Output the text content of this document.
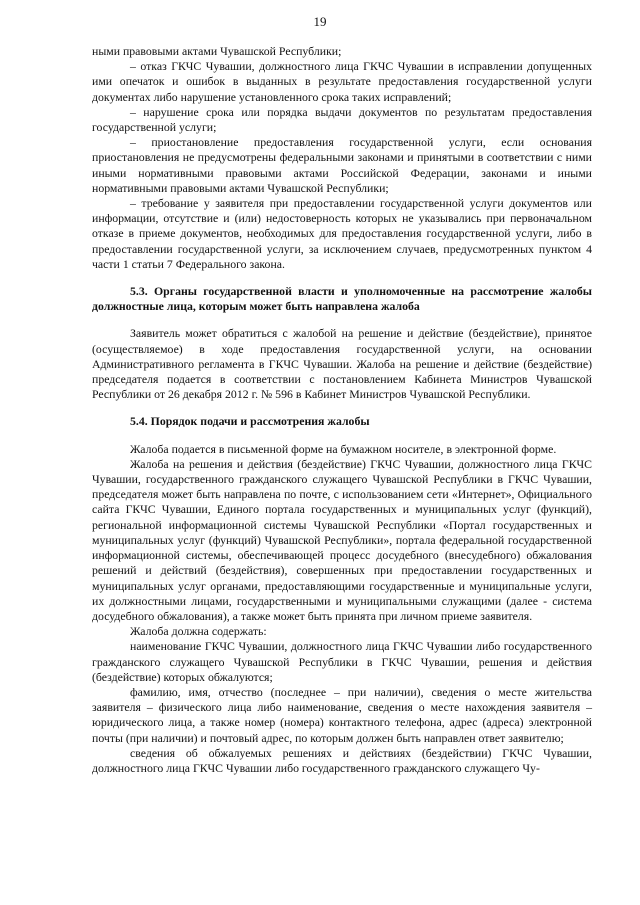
19

ными правовыми актами Чувашской Республики;

– отказ ГКЧС Чувашии, должностного лица ГКЧС Чувашии в исправлении допущенных ими опечаток и ошибок в выданных в результате предоставления государственной услуги документах либо нарушение установленного срока таких исправлений;

– нарушение срока или порядка выдачи документов по результатам предоставления государственной услуги;

– приостановление предоставления государственной услуги, если основания приостановления не предусмотрены федеральными законами и принятыми в соответствии с ними иными нормативными правовыми актами Российской Федерации, законами и иными нормативными правовыми актами Чувашской Республики;

– требование у заявителя при предоставлении государственной услуги документов или информации, отсутствие и (или) недостоверность которых не указывались при первоначальном отказе в приеме документов, необходимых для предоставления государственной услуги, либо в предоставлении государственной услуги, за исключением случаев, предусмотренных пунктом 4 части 1 статьи 7 Федерального закона.

5.3. Органы государственной власти и уполномоченные на рассмотрение жалобы должностные лица, которым может быть направлена жалоба

Заявитель может обратиться с жалобой на решение и действие (бездействие), принятое (осуществляемое) в ходе предоставления государственной услуги, на основании Административного регламента в ГКЧС Чувашии. Жалоба на решение и действие (бездействие) председателя подается в соответствии с постановлением Кабинета Министров Чувашской Республики от 26 декабря 2012 г. № 596 в Кабинет Министров Чувашской Республики.

5.4. Порядок подачи и рассмотрения жалобы

Жалоба подается в письменной форме на бумажном носителе, в электронной форме.

Жалоба на решения и действия (бездействие) ГКЧС Чувашии, должностного лица ГКЧС Чувашии, государственного гражданского служащего Чувашской Республики в ГКЧС Чувашии, председателя может быть направлена по почте, с использованием сети «Интернет», Официального сайта ГКЧС Чувашии, Единого портала государственных и муниципальных услуг (функций), региональной информационной системы Чувашской Республики «Портал государственных и муниципальных услуг (функций) Чувашской Республики», портала федеральной государственной информационной системы, обеспечивающей процесс досудебного (внесудебного) обжалования решений и действий (бездействия), совершенных при предоставлении государственных и муниципальных услуг органами, предоставляющими государственные и муниципальные услуги, их должностными лицами, государственными и муниципальными служащими (далее - система досудебного обжалования), а также может быть принята при личном приеме заявителя.

Жалоба должна содержать:

наименование ГКЧС Чувашии, должностного лица ГКЧС Чувашии либо государственного гражданского служащего Чувашской Республики в ГКЧС Чувашии, решения и действия (бездействие) которых обжалуются;

фамилию, имя, отчество (последнее – при наличии), сведения о месте жительства заявителя – физического лица либо наименование, сведения о месте нахождения заявителя – юридического лица, а также номер (номера) контактного телефона, адрес (адреса) электронной почты (при наличии) и почтовый адрес, по которым должен быть направлен ответ заявителю;

сведения об обжалуемых решениях и действиях (бездействии) ГКЧС Чувашии, должностного лица ГКЧС Чувашии либо государственного гражданского служащего Чу-
